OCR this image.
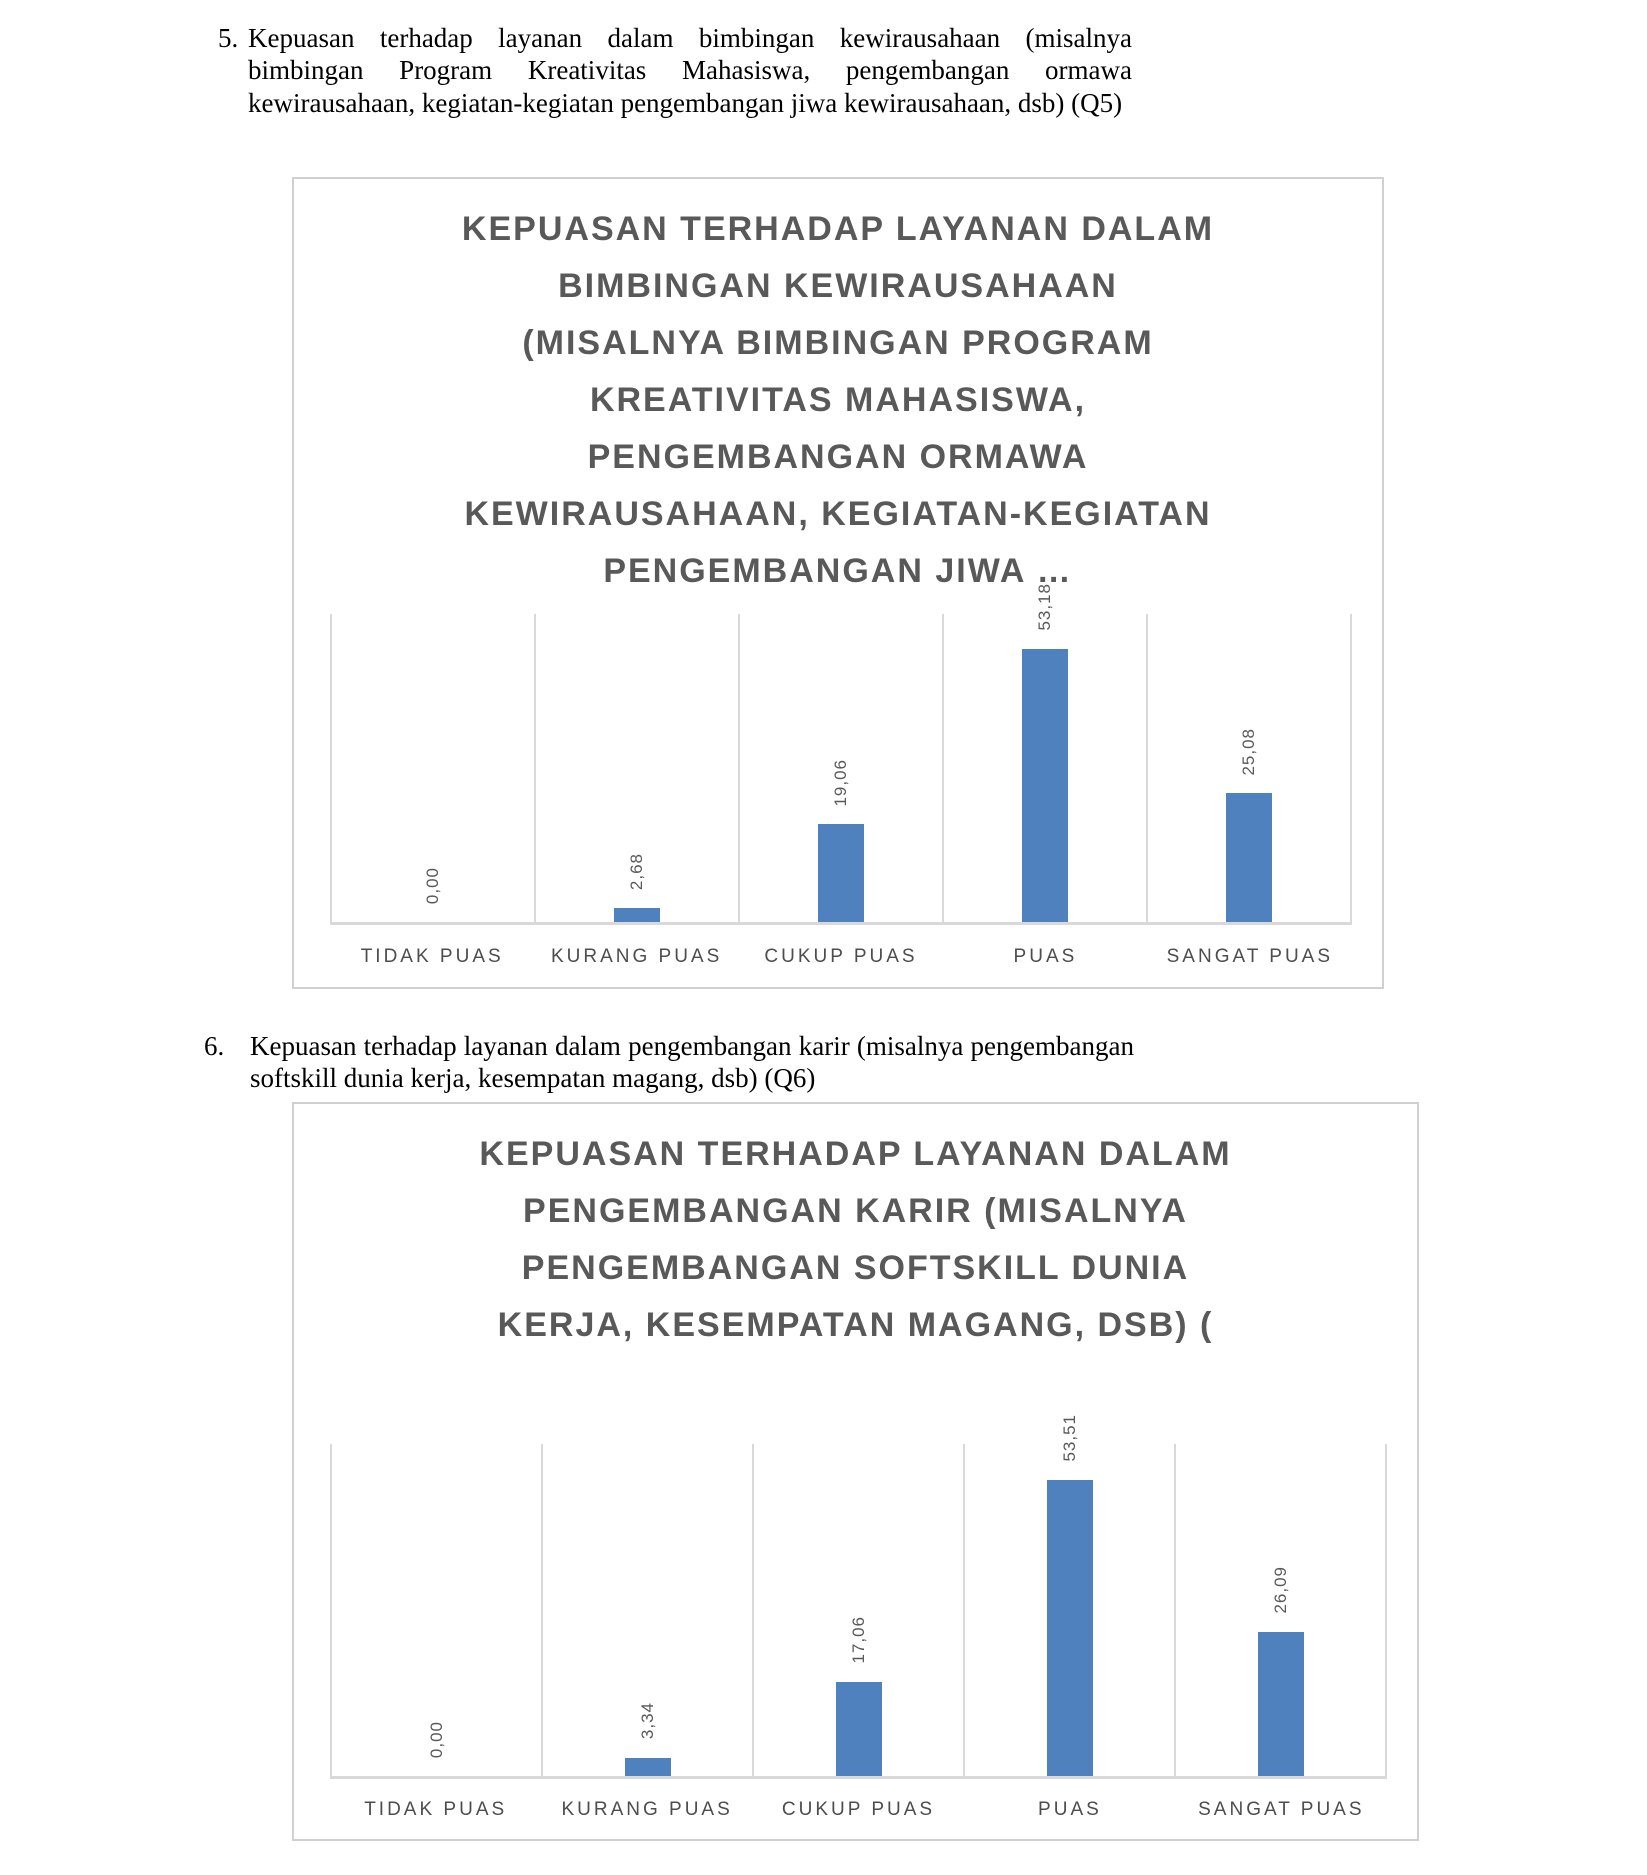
5. Kepuasan terhadap layanan dalam bimbingan kewirausahaan (misalnya bimbingan Program Kreativitas Mahasiswa, pengembangan ormawa kewirausahaan, kegiatan-kegiatan pengembangan jiwa kewirausahaan, dsb) (Q5)
KEPUASAN TERHADAP LAYANAN DALAM
BIMBINGAN KEWIRAUSAHAAN
(MISALNYA BIMBINGAN PROGRAM
KREATIVITAS MAHASISWA,
PENGEMBANGAN ORMAWA
KEWIRAUSAHAAN, KEGIATAN-KEGIATAN
PENGEMBANGAN JIWA …
0,00	2,68
19,06
53,18
25,08
TIDAK PUAS	KURANG PUAS	CUKUP PUAS	PUAS	SANGAT PUAS
6. Kepuasan terhadap layanan dalam pengembangan karir (misalnya pengembangan softskill dunia kerja, kesempatan magang, dsb) (Q6)
KEPUASAN TERHADAP LAYANAN DALAM
PENGEMBANGAN KARIR (MISALNYA
PENGEMBANGAN SOFTSKILL DUNIA
KERJA, KESEMPATAN MAGANG, DSB) (
0,00	3,34
17,06
53,51
26,09
TIDAK PUAS	KURANG PUAS	CUKUP PUAS	PUAS	SANGAT PUAS
